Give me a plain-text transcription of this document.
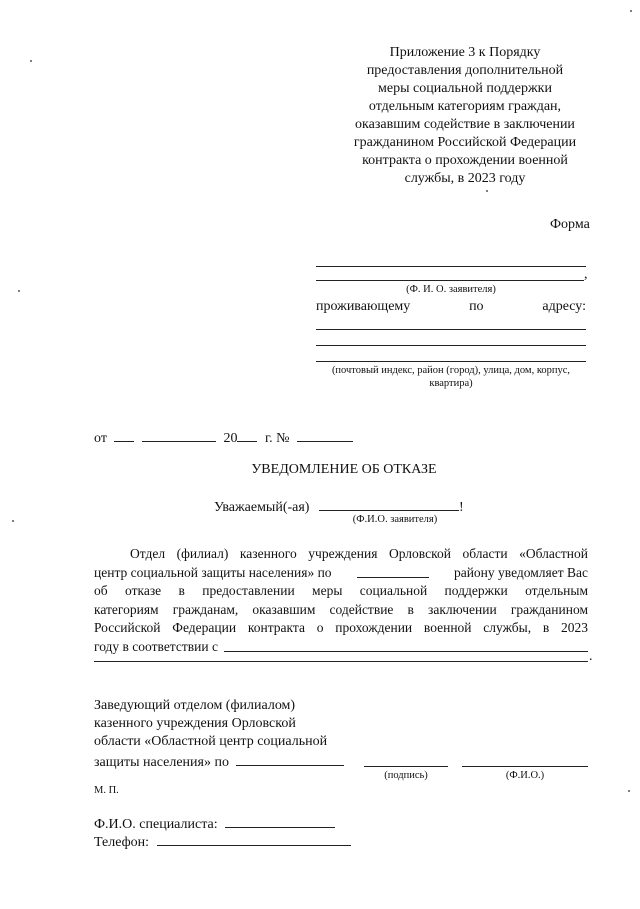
Приложение 3 к Порядку
предоставления дополнительной
меры социальной поддержки
отдельным категориям граждан,
оказавшим содействие в заключении
гражданином Российской Федерации
контракта о прохождении военной
службы, в 2023 году
Форма
,
(Ф. И. О. заявителя)
проживающему	по	адресу:
(почтовый индекс, район (город), улица, дом, корпус,
квартира)
от	20 г. №
УВЕДОМЛЕНИЕ ОБ ОТКАЗЕ
Уважаемый(-ая)	!
(Ф.И.О. заявителя)
Отдел (филиал) казенного учреждения Орловской области «Областной
центр социальной защиты населения» по	району уведомляет Вас
об отказе в предоставлении меры социальной поддержки отдельным
категориям гражданам, оказавшим содействие в заключении гражданином
Российской Федерации контракта о прохождении военной службы, в 2023
году в соответствии с
.
Заведующий отделом (филиалом)
казенного учреждения Орловской
области «Областной центр социальной
защиты населения» по
(подпись)	(Ф.И.О.)
М. П.
Ф.И.О. специалиста:
Телефон:
